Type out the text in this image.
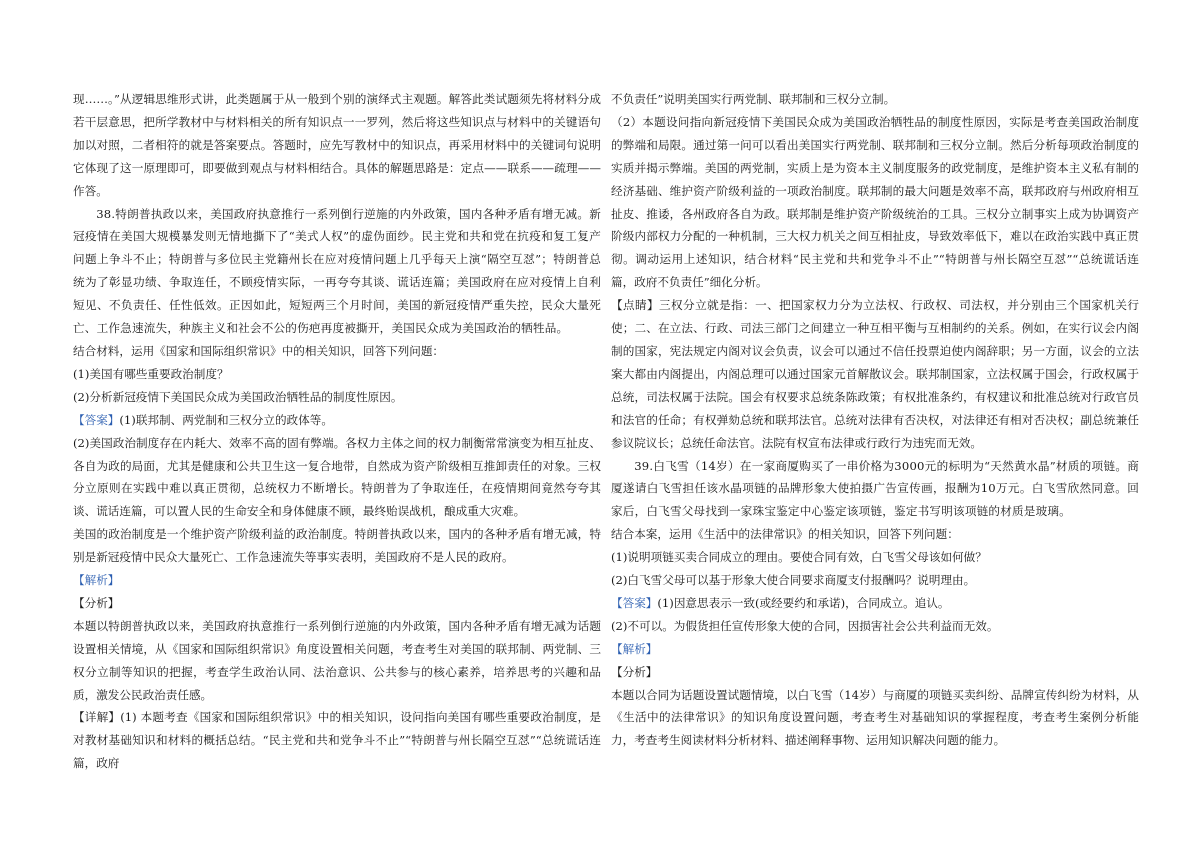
现……。”从逻辑思维形式讲，此类题属于从一般到个别的演绎式主观题。解答此类试题须先将材料分成若干层意思，把所学教材中与材料相关的所有知识点一一罗列，然后将这些知识点与材料中的关键语句加以对照，二者相符的就是答案要点。答题时，应先写教材中的知识点，再采用材料中的关键词句说明它体现了这一原理即可，即要做到观点与材料相结合。具体的解题思路是：定点——联系——疏理——作答。

38.特朗普执政以来，美国政府执意推行一系列倒行逆施的内外政策，国内各种矛盾有增无减。新冠疫情在美国大规模暴发则无情地撕下了“美式人权”的虚伪面纱。民主党和共和党在抗疫和复工复产问题上争斗不止；特朗普与多位民主党籍州长在应对疫情问题上几乎每天上演“隔空互怼”；特朗普总统为了彰显功绩、争取连任，不顾疫情实际，一再夸夸其谈、谎话连篇；美国政府在应对疫情上自利短见、不负责任、任性低效。正因如此，短短两三个月时间，美国的新冠疫情严重失控，民众大量死亡、工作急速流失，种族主义和社会不公的伤疤再度被撕开，美国民众成为美国政治的牺牲品。

结合材料，运用《国家和国际组织常识》中的相关知识，回答下列问题：

(1)美国有哪些重要政治制度？

(2)分析新冠疫情下美国民众成为美国政治牺牲品的制度性原因。

【答案】(1)联邦制、两党制和三权分立的政体等。

(2)美国政治制度存在内耗大、效率不高的固有弊端。各权力主体之间的权力制衡常常演变为相互扯皮、各自为政的局面，尤其是健康和公共卫生这一复合地带，自然成为资产阶级相互推卸责任的对象。三权分立原则在实践中难以真正贯彻，总统权力不断增长。特朗普为了争取连任，在疫情期间竟然夸夸其谈、谎话连篇，可以置人民的生命安全和身体健康不顾，最终贻误战机，酿成重大灾难。

美国的政治制度是一个维护资产阶级利益的政治制度。特朗普执政以来，国内的各种矛盾有增无减，特别是新冠疫情中民众大量死亡、工作急速流失等事实表明，美国政府不是人民的政府。

【解析】

【分析】

本题以特朗普执政以来，美国政府执意推行一系列倒行逆施的内外政策，国内各种矛盾有增无减为话题设置相关情境，从《国家和国际组织常识》角度设置相关问题，考查考生对美国的联邦制、两党制、三权分立制等知识的把握，考查学生政治认同、法治意识、公共参与的核心素养，培养思考的兴趣和品质，激发公民政治责任感。

【详解】(1) 本题考查《国家和国际组织常识》中的相关知识，设问指向美国有哪些重要政治制度，是对教材基础知识和材料的概括总结。“民主党和共和党争斗不止”“特朗普与州长隔空互怼”“总统谎话连篇，政府

不负责任”说明美国实行两党制、联邦制和三权分立制。

（2）本题设问指向新冠疫情下美国民众成为美国政治牺牲品的制度性原因，实际是考查美国政治制度的弊端和局限。通过第一问可以看出美国实行两党制、联邦制和三权分立制。然后分析每项政治制度的实质并揭示弊端。美国的两党制，实质上是为资本主义制度服务的政党制度，是维护资本主义私有制的经济基础、维护资产阶级利益的一项政治制度。联邦制的最大问题是效率不高，联邦政府与州政府相互扯皮、推诿，各州政府各自为政。联邦制是维护资产阶级统治的工具。三权分立制事实上成为协调资产阶级内部权力分配的一种机制，三大权力机关之间互相扯皮，导致效率低下，难以在政治实践中真正贯彻。调动运用上述知识，结合材料“民主党和共和党争斗不止”“特朗普与州长隔空互怼”“总统谎话连篇，政府不负责任”细化分析。

【点睛】三权分立就是指：一、把国家权力分为立法权、行政权、司法权，并分别由三个国家机关行使；二、在立法、行政、司法三部门之间建立一种互相平衡与互相制约的关系。例如，在实行议会内阁制的国家，宪法规定内阁对议会负责，议会可以通过不信任投票迫使内阁辞职；另一方面，议会的立法案大都由内阁提出，内阁总理可以通过国家元首解散议会。联邦制国家，立法权属于国会，行政权属于总统，司法权属于法院。国会有权要求总统条陈政策；有权批准条约，有权建议和批准总统对行政官员和法官的任命；有权弹劾总统和联邦法官。总统对法律有否决权，对法律还有相对否决权；副总统兼任参议院议长；总统任命法官。法院有权宣布法律或行政行为违宪而无效。

39.白飞雪（14岁）在一家商厦购买了一串价格为3000元的标明为“天然黄水晶”材质的项链。商厦遂请白飞雪担任该水晶项链的品牌形象大使拍摄广告宣传画，报酬为10万元。白飞雪欣然同意。回家后，白飞雪父母找到一家珠宝鉴定中心鉴定该项链，鉴定书写明该项链的材质是玻璃。

结合本案，运用《生活中的法律常识》的相关知识，回答下列问题：

(1)说明项链买卖合同成立的理由。要使合同有效，白飞雪父母该如何做？

(2)白飞雪父母可以基于形象大使合同要求商厦支付报酬吗？说明理由。

【答案】(1)因意思表示一致(或经要约和承诺)，合同成立。追认。

(2)不可以。为假货担任宣传形象大使的合同，因损害社会公共利益而无效。

【解析】

【分析】

本题以合同为话题设置试题情境，以白飞雪（14岁）与商厦的项链买卖纠纷、品牌宣传纠纷为材料，从《生活中的法律常识》的知识角度设置问题，考查考生对基础知识的掌握程度，考查考生案例分析能力，考查考生阅读材料分析材料、描述阐释事物、运用知识解决问题的能力。
